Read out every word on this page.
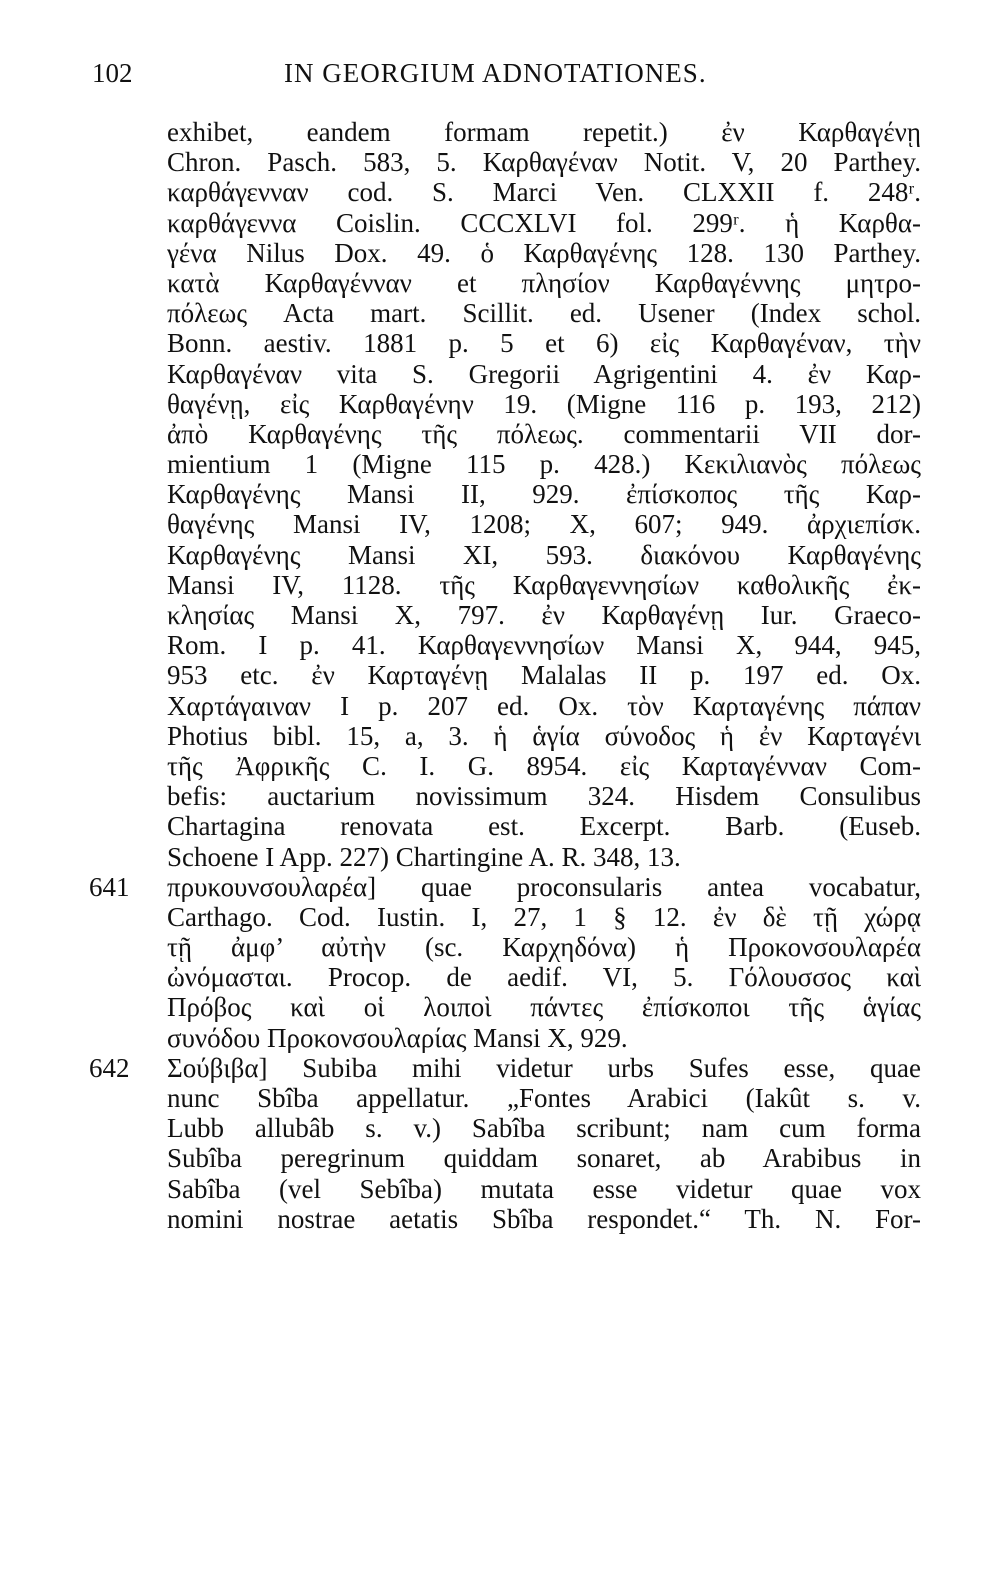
102	IN GEORGIUM ADNOTATIONES.
exhibet, eandem formam repetit.) ἐν Καρθαγένῃ
Chron. Pasch. 583, 5. Καρθαγέναν Notit. V, 20 Parthey.
καρθάγενναν cod. S. Marci Ven. CLXXII f. 248ʳ.
καρθάγεννα Coislin. CCCXLVI fol. 299ʳ. ἡ Καρθα-
γένα Nilus Dox. 49. ὁ Καρθαγένης 128. 130 Parthey.
κατὰ Καρθαγένναν et πλησίον Καρθαγέννης μητρο-
πόλεως Acta mart. Scillit. ed. Usener (Index schol.
Bonn. aestiv. 1881 p. 5 et 6) εἰς Καρθαγέναν, τὴν
Καρθαγέναν vita S. Gregorii Agrigentini 4. ἐν Καρ-
θαγένῃ, εἰς Καρθαγένην 19. (Migne 116 p. 193, 212)
ἀπὸ Καρθαγένης τῆς πόλεως. commentarii VII dor-
mientium 1 (Migne 115 p. 428.) Κεκιλιανὸς πόλεως
Καρθαγένης Mansi II, 929. ἐπίσκοπος τῆς Καρ-
θαγένης Mansi IV, 1208; X, 607; 949. ἀρχιεπίσκ.
Καρθαγένης Mansi XI, 593. διακόνου Καρθαγένης
Mansi IV, 1128. τῆς Καρθαγεννησίων καθολικῆς ἐκ-
κλησίας Mansi X, 797. ἐν Καρθαγένῃ Iur. Graeco-
Rom. I p. 41. Καρθαγεννησίων Mansi X, 944, 945,
953 etc. ἐν Καρταγένῃ Malalas II p. 197 ed. Ox.
Χαρτάγαιναν I p. 207 ed. Ox. τὸν Καρταγένης πάπαν
Photius bibl. 15, a, 3. ἡ ἁγία σύνοδος ἡ ἐν Καρταγένι
τῆς Ἀφρικῆς C. I. G. 8954. εἰς Καρταγένναν Com-
befis: auctarium novissimum 324. Hisdem Consulibus
Chartagina renovata est. Excerpt. Barb. (Euseb.
Schoene I App. 227) Chartingine A. R. 348, 13.
641 πρυκουνσουλαρέα] quae proconsularis antea vocabatur,
Carthago. Cod. Iustin. I, 27, 1 § 12. ἐν δὲ τῇ χώρᾳ
τῇ ἀμφ’ αὐτὴν (sc. Καρχηδόνα) ἡ Προκονσουλαρέα
ὠνόμασται. Procop. de aedif. VI, 5. Γόλουσσος καὶ
Πρόβος καὶ οἱ λοιποὶ πάντες ἐπίσκοποι τῆς ἁγίας
συνόδου Προκονσουλαρίας Mansi X, 929.
642 Σούβιβα] Subiba mihi videtur urbs Sufes esse, quae
nunc Sbîba appellatur. „Fontes Arabici (Iakût s. v.
Lubb allubâb s. v.) Sabîba scribunt; nam cum forma
Subîba peregrinum quiddam sonaret, ab Arabibus in
Sabîba (vel Sebîba) mutata esse videtur quae vox
nomini nostrae aetatis Sbîba respondet.“ Th. N. For-
